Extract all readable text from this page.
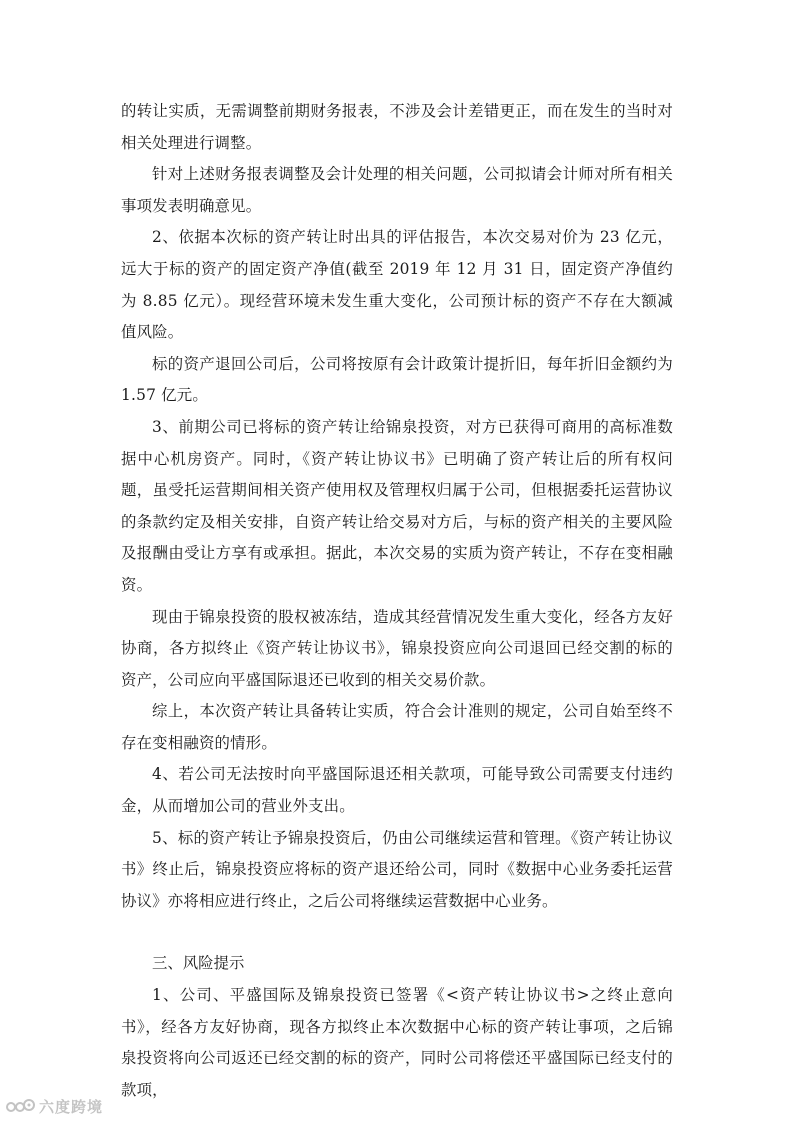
的转让实质，无需调整前期财务报表，不涉及会计差错更正，而在发生的当时对相关处理进行调整。

针对上述财务报表调整及会计处理的相关问题，公司拟请会计师对所有相关事项发表明确意见。

2、依据本次标的资产转让时出具的评估报告，本次交易对价为 23 亿元，远大于标的资产的固定资产净值(截至 2019 年 12 月 31 日，固定资产净值约为 8.85 亿元）。现经营环境未发生重大变化，公司预计标的资产不存在大额减值风险。

标的资产退回公司后，公司将按原有会计政策计提折旧，每年折旧金额约为 1.57 亿元。

3、前期公司已将标的资产转让给锦泉投资，对方已获得可商用的高标准数据中心机房资产。同时，《资产转让协议书》已明确了资产转让后的所有权问题，虽受托运营期间相关资产使用权及管理权归属于公司，但根据委托运营协议的条款约定及相关安排，自资产转让给交易对方后，与标的资产相关的主要风险及报酬由受让方享有或承担。据此，本次交易的实质为资产转让，不存在变相融资。

现由于锦泉投资的股权被冻结，造成其经营情况发生重大变化，经各方友好协商，各方拟终止《资产转让协议书》，锦泉投资应向公司退回已经交割的标的资产，公司应向平盛国际退还已收到的相关交易价款。

综上，本次资产转让具备转让实质，符合会计准则的规定，公司自始至终不存在变相融资的情形。

4、若公司无法按时向平盛国际退还相关款项，可能导致公司需要支付违约金，从而增加公司的营业外支出。

5、标的资产转让予锦泉投资后，仍由公司继续运营和管理。《资产转让协议书》终止后，锦泉投资应将标的资产退还给公司，同时《数据中心业务委托运营协议》亦将相应进行终止，之后公司将继续运营数据中心业务。

三、风险提示

1、公司、平盛国际及锦泉投资已签署《<资产转让协议书>之终止意向书》，经各方友好协商，现各方拟终止本次数据中心标的资产转让事项，之后锦泉投资将向公司返还已经交割的标的资产，同时公司将偿还平盛国际已经支付的款项，

六度跨境
